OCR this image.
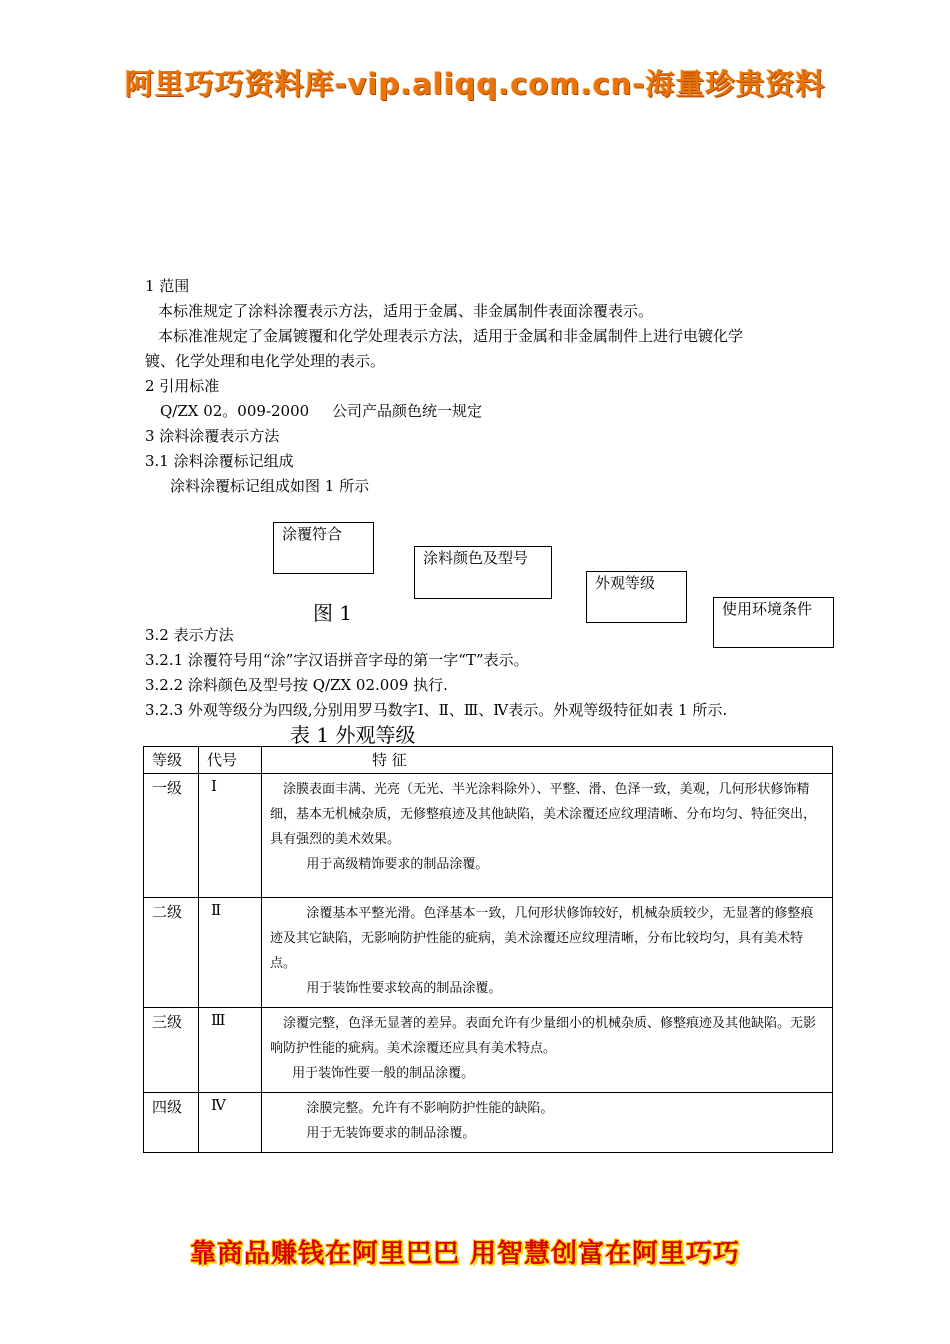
阿里巧巧资料库-vip.aliqq.com.cn-海量珍贵资料
1 范围
本标准规定了涂料涂覆表示方法，适用于金属、非金属制件表面涂覆表示。
本标准准规定了金属镀覆和化学处理表示方法，适用于金属和非金属制件上进行电镀化学
镀、化学处理和电化学处理的表示。
2 引用标准
Q/ZX 02。009-2000 公司产品颜色统一规定
3 涂料涂覆表示方法
3.1 涂料涂覆标记组成
涂料涂覆标记组成如图 1 所示
涂覆符合
涂料颜色及型号
外观等级
使用环境条件
图 1
3.2 表示方法
3.2.1 涂覆符号用“涂”字汉语拼音字母的第一字“T”表示。
3.2.2 涂料颜色及型号按 Q/ZX 02.009 执行.
3.2.3 外观等级分为四级,分别用罗马数字Ⅰ、Ⅱ、Ⅲ、Ⅳ表示。外观等级特征如表 1 所示.
表 1 外观等级
等级	代号	特 征
一级	Ⅰ	涂膜表面丰满、光亮（无光、半光涂料除外）、平整、滑、色泽一致，美观，几何形状修饰精细，基本无机械杂质，无修整痕迹及其他缺陷，美术涂覆还应纹理清晰、分布均匀、特征突出，具有强烈的美术效果。
用于高级精饰要求的制品涂覆。

二级	Ⅱ	涂覆基本平整光滑。色泽基本一致，几何形状修饰较好，机械杂质较少，无显著的修整痕迹及其它缺陷，无影响防护性能的疵病，美术涂覆还应纹理清晰，分布比较均匀，具有美术特点。
用于装饰性要求较高的制品涂覆。

三级	Ⅲ	涂覆完整，色泽无显著的差异。表面允许有少量细小的机械杂质、修整痕迹及其他缺陷。无影响防护性能的疵病。美术涂覆还应具有美术特点。
用于装饰性要一般的制品涂覆。

四级	Ⅳ	涂膜完整。允许有不影响防护性能的缺陷。
用于无装饰要求的制品涂覆。
靠商品赚钱在阿里巴巴 用智慧创富在阿里巧巧
